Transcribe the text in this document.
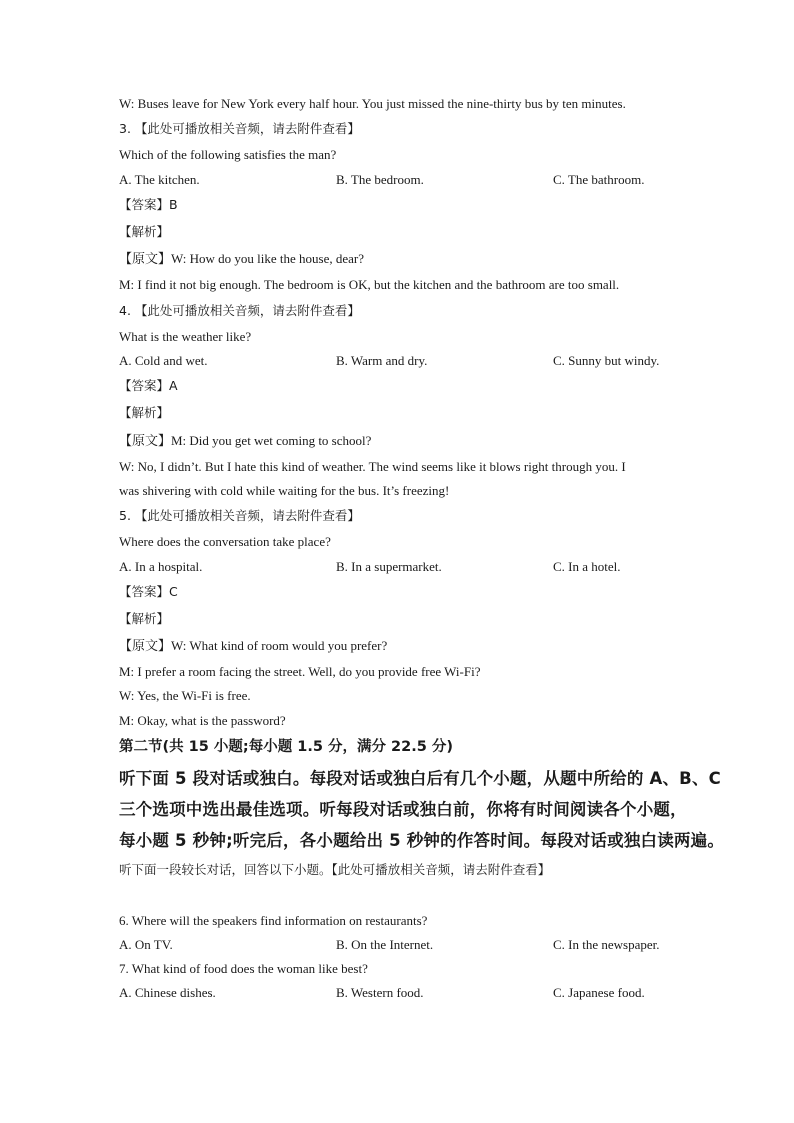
W: Buses leave for New York every half hour. You just missed the nine-thirty bus by ten minutes.
3. 【此处可播放相关音频，请去附件查看】
Which of the following satisfies the man?
A. The kitchen.	B. The bedroom.	C. The bathroom.
【答案】B
【解析】
【原文】W: How do you like the house, dear?
M: I find it not big enough. The bedroom is OK, but the kitchen and the bathroom are too small.
4. 【此处可播放相关音频，请去附件查看】
What is the weather like?
A. Cold and wet.	B. Warm and dry.	C. Sunny but windy.
【答案】A
【解析】
【原文】M: Did you get wet coming to school?
W: No, I didn’t. But I hate this kind of weather. The wind seems like it blows right through you. I
was shivering with cold while waiting for the bus. It’s freezing!
5. 【此处可播放相关音频，请去附件查看】
Where does the conversation take place?
A. In a hospital.	B. In a supermarket.	C. In a hotel.
【答案】C
【解析】
【原文】W: What kind of room would you prefer?
M: I prefer a room facing the street. Well, do you provide free Wi-Fi?
W: Yes, the Wi-Fi is free.
M: Okay, what is the password?
第二节(共 15 小题;每小题 1.5 分，满分 22.5 分)
听下面 5 段对话或独白。每段对话或独白后有几个小题，从题中所给的 A、B、C
三个选项中选出最佳选项。听每段对话或独白前，你将有时间阅读各个小题，
每小题 5 秒钟;听完后，各小题给出 5 秒钟的作答时间。每段对话或独白读两遍。
听下面一段较长对话，回答以下小题。【此处可播放相关音频，请去附件查看】
6. Where will the speakers find information on restaurants?
A. On TV.	B. On the Internet.	C. In the newspaper.
7. What kind of food does the woman like best?
A. Chinese dishes.	B. Western food.	C. Japanese food.
